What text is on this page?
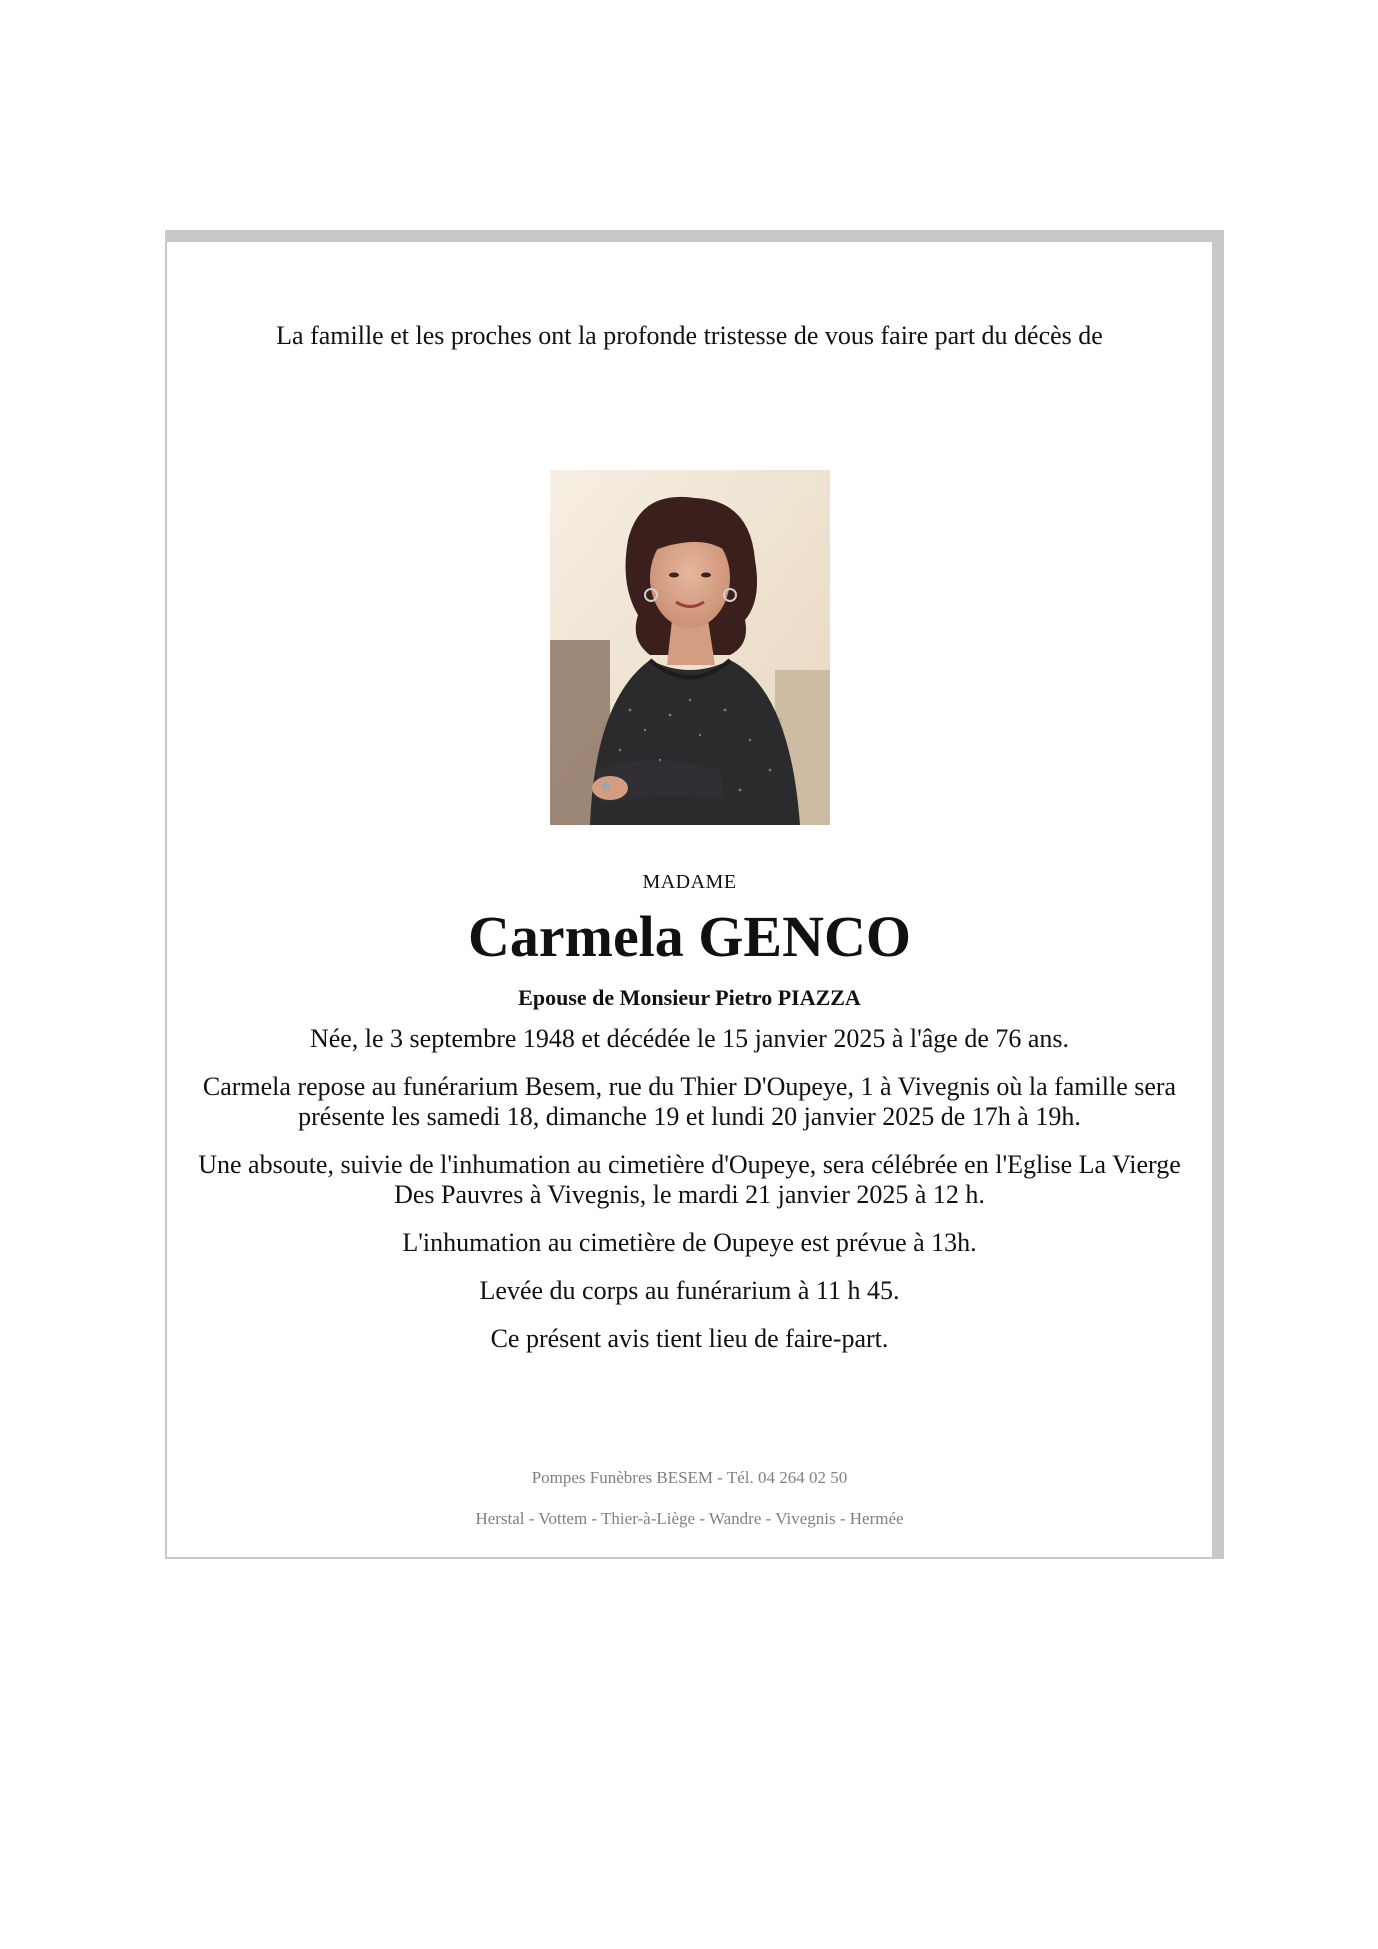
La famille et les proches ont la profonde tristesse de vous faire part du décès de
MADAME
Carmela GENCO
Epouse de Monsieur Pietro PIAZZA

Née, le 3 septembre 1948 et décédée le 15 janvier 2025 à l'âge de 76 ans.

Carmela repose au funérarium Besem, rue du Thier D'Oupeye, 1 à Vivegnis où la famille sera présente les samedi 18, dimanche 19 et lundi 20 janvier 2025 de 17h à 19h.

Une absoute, suivie de l'inhumation au cimetière d'Oupeye, sera célébrée en l'Eglise La Vierge Des Pauvres à Vivegnis, le mardi 21 janvier 2025 à 12 h.

L'inhumation au cimetière de Oupeye est prévue à 13h.

Levée du corps au funérarium à 11 h 45.

Ce présent avis tient lieu de faire-part.

Pompes Funèbres BESEM - Tél. 04 264 02 50
Herstal - Vottem - Thier-à-Liège - Wandre - Vivegnis - Hermée
